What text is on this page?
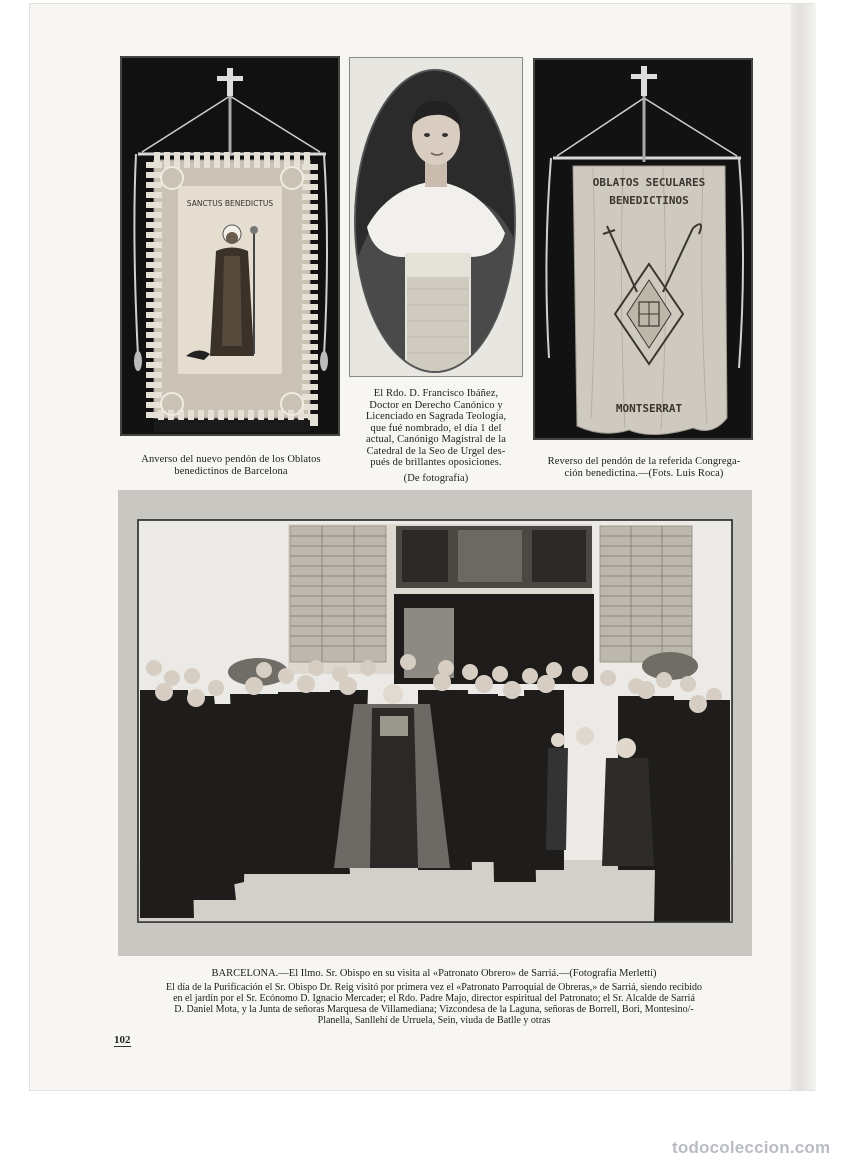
SANCTUS BENEDICTUS
OBLATOS SECULARES
BENEDICTINOS
MONTSERRAT
Anverso del nuevo pendón de los Oblatos
benedictinos de Barcelona
El Rdo. D. Francisco Ibáñez,
Doctor en Derecho Canónico y
Licenciado en Sagrada Teología,
que fué nombrado, el día 1 del
actual, Canónigo Magistral de la
Catedral de la Seo de Urgel des-
pués de brillantes oposiciones.
(De fotografía)
Reverso del pendón de la referida Congrega-
ción benedictina.—(Fots. Luis Roca)
BARCELONA.—El Ilmo. Sr. Obispo en su visita al «Patronato Obrero» de Sarriá.—(Fotografía Merletti)
El día de la Purificación el Sr. Obispo Dr. Reig visitó por primera vez el «Patronato Parroquial de Obreras,» de Sarriá, siendo recibido
en el jardín por el Sr. Ecónomo D. Ignacio Mercader; el Rdo. Padre Majo, director espiritual del Patronato; el Sr. Alcalde de Sarriá
D. Daniel Mota, y la Junta de señoras Marquesa de Villamediana; Vizcondesa de la Laguna, señoras de Borrell, Bori, Montesino/-
Planella, Sanllehí de Urruela, Sein, viuda de Batlle y otras
102
todocoleccion.com
